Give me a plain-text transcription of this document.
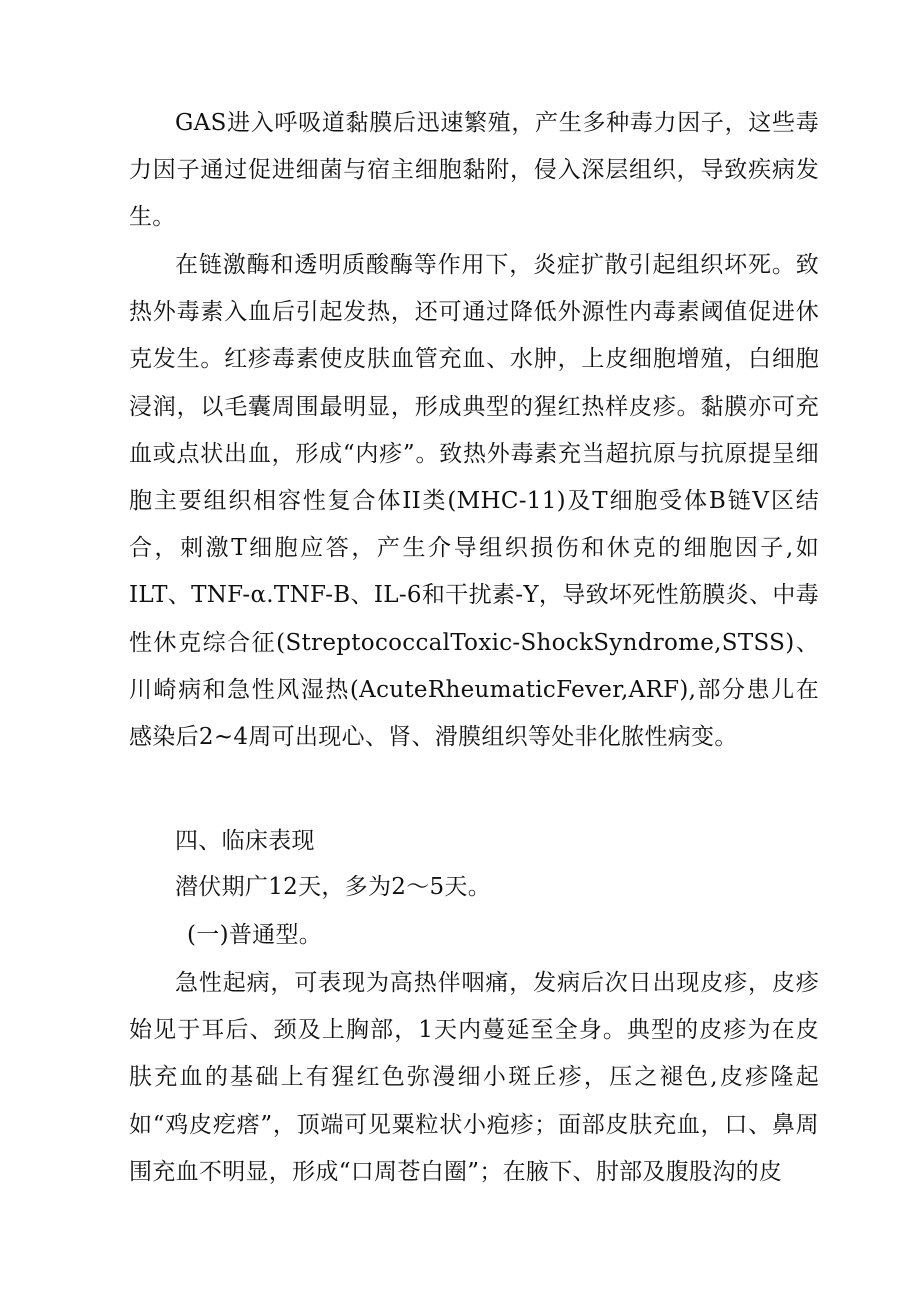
GAS进入呼吸道黏膜后迅速繁殖，产生多种毒力因子，这些毒力因子通过促进细菌与宿主细胞黏附，侵入深层组织，导致疾病发生。

在链激酶和透明质酸酶等作用下，炎症扩散引起组织坏死。致热外毒素入血后引起发热，还可通过降低外源性内毒素阈值促进休克发生。红疹毒素使皮肤血管充血、水肿，上皮细胞增殖，白细胞浸润，以毛囊周围最明显，形成典型的猩红热样皮疹。黏膜亦可充血或点状出血，形成“内疹”。致热外毒素充当超抗原与抗原提呈细胞主要组织相容性复合体II类(MHC-11)及T细胞受体B链V区结合，刺激T细胞应答，产生介导组织损伤和休克的细胞因子,如ILT、TNF-α.TNF-B、IL-6和干扰素-Y，导致坏死性筋膜炎、中毒性休克综合征(StreptococcalToxic-ShockSyndrome,STSS)、川崎病和急性风湿热(AcuteRheumaticFever,ARF),部分患儿在感染后2~4周可出现心、肾、滑膜组织等处非化脓性病变。

四、临床表现

潜伏期广12天，多为2～5天。

(一)普通型。

急性起病，可表现为高热伴咽痛，发病后次日出现皮疹，皮疹始见于耳后、颈及上胸部，1天内蔓延至全身。典型的皮疹为在皮肤充血的基础上有猩红色弥漫细小斑丘疹，压之褪色,皮疹隆起如“鸡皮疙瘩”，顶端可见粟粒状小疱疹；面部皮肤充血，口、鼻周围充血不明显，形成“口周苍白圈”；在腋下、肘部及腹股沟的皮
